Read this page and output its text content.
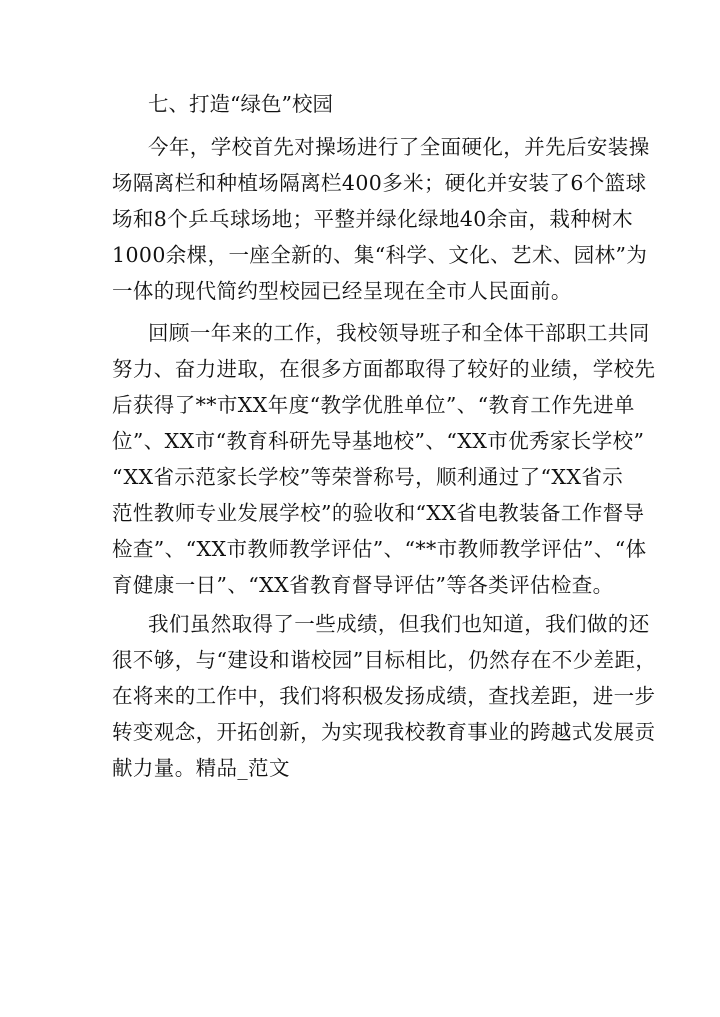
七、打造“绿色”校园
今年，学校首先对操场进行了全面硬化，并先后安装操
场隔离栏和种植场隔离栏400多米；硬化并安装了6个篮球
场和8个乒乓球场地；平整并绿化绿地40余亩，栽种树木
1000余棵，一座全新的、集“科学、文化、艺术、园林”为
一体的现代简约型校园已经呈现在全市人民面前。
回顾一年来的工作，我校领导班子和全体干部职工共同
努力、奋力进取，在很多方面都取得了较好的业绩，学校先
后获得了**市XX年度“教学优胜单位”、“教育工作先进单
位”、XX市“教育科研先导基地校”、“XX市优秀家长学校”
“XX省示范家长学校”等荣誉称号，顺利通过了“XX省示
范性教师专业发展学校”的验收和“XX省电教装备工作督导
检查”、“XX市教师教学评估”、“**市教师教学评估”、“体
育健康一日”、“XX省教育督导评估”等各类评估检查。
我们虽然取得了一些成绩，但我们也知道，我们做的还
很不够，与“建设和谐校园”目标相比，仍然存在不少差距，
在将来的工作中，我们将积极发扬成绩，查找差距，进一步
转变观念，开拓创新，为实现我校教育事业的跨越式发展贡
献力量。精品_范文
